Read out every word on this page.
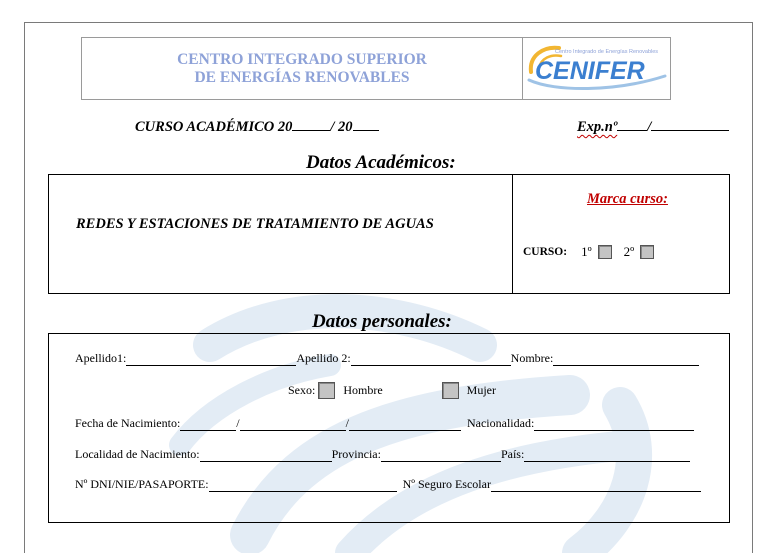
CENTRO INTEGRADO SUPERIOR
DE ENERGÍAS RENOVABLES	CENIFER
Centro Integrado de Energías Renovables
CURSO ACADÉMICO 20	/ 20	Exp.nº /
Datos Académicos:
REDES Y ESTACIONES DE TRATAMIENTO DE AGUAS
Marca curso:
CURSO: 1º 2º
Datos personales:
Apellido1:	Apellido 2:	Nombre:
Sexo: Hombre	Mujer
Fecha de Nacimiento:	/	/	Nacionalidad:
Localidad de Nacimiento:	Provincia:	País:
Nº DNI/NIE/PASAPORTE:	Nº Seguro Escolar
